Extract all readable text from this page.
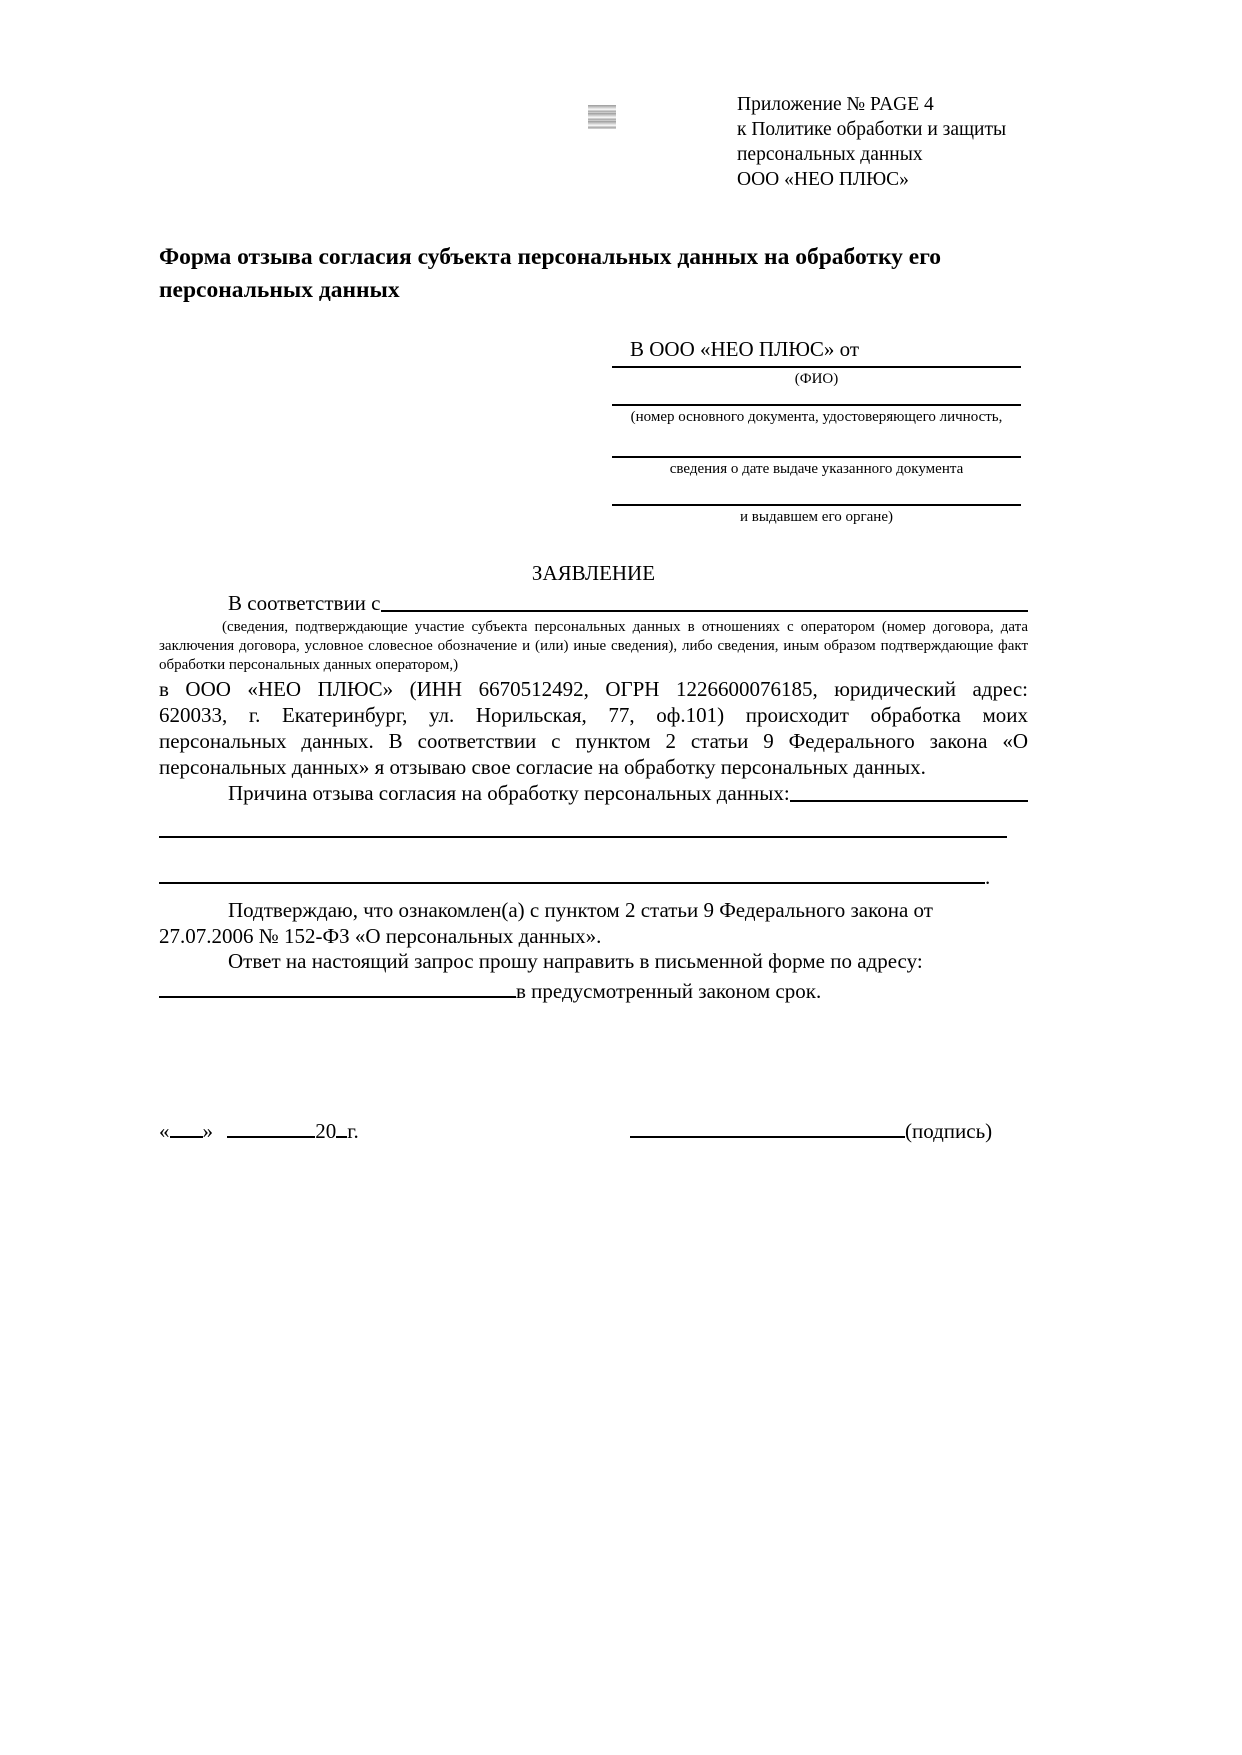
Приложение № PAGE 4
к Политике обработки и защиты
персональных данных
ООО «НЕО ПЛЮС»
Форма отзыва согласия субъекта персональных данных на обработку его
персональных данных
В ООО «НЕО ПЛЮС» от
(ФИО)
(номер основного документа, удостоверяющего личность,
сведения о дате выдаче указанного документа
и выдавшем его органе)
ЗАЯВЛЕНИЕ
В соответствии с
(сведения, подтверждающие участие субъекта персональных данных в отношениях с оператором (номер договора, дата
заключения договора, условное словесное обозначение и (или) иные сведения), либо сведения, иным образом подтверждающие факт
обработки персональных данных оператором,)
в ООО «НЕО ПЛЮС» (ИНН 6670512492, ОГРН 1226600076185, юридический адрес:
620033, г. Екатеринбург, ул. Норильская, 77, оф.101) происходит обработка моих
персональных данных. В соответствии с пунктом 2 статьи 9 Федерального закона «О
персональных данных» я отзываю свое согласие на обработку персональных данных.
Причина отзыва согласия на обработку персональных данных:
.
Подтверждаю, что ознакомлен(а) с пунктом 2 статьи 9 Федерального закона от
27.07.2006 № 152-ФЗ «О персональных данных».
Ответ на настоящий запрос прошу направить в письменной форме по адресу:
в предусмотренный законом срок.
« »	20 г.	(подпись)
